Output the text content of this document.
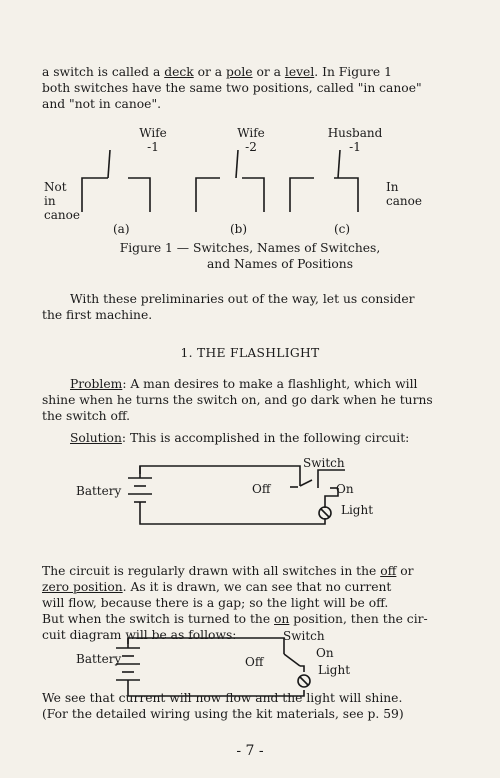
a switch is called a deck or a pole or a level. In Figure 1
both switches have the same two positions, called "in canoe"
and "not in canoe".
Wife
-1
Wife
-2
Husband
-1
Not
in
canoe
In
canoe
(a)	(b)	(c)
Figure 1 — Switches, Names of Switches,
and Names of Positions
With these preliminaries out of the way, let us consider
the first machine.
1. THE FLASHLIGHT
Problem: A man desires to make a flashlight, which will
shine when he turns the switch on, and go dark when he turns
the switch off.
Solution: This is accomplished in the following circuit:
Switch
Battery	Off	On
Light
The circuit is regularly drawn with all switches in the off or
zero position. As it is drawn, we can see that no current
will flow, because there is a gap; so the light will be off.
But when the switch is turned to the on position, then the cir-
cuit diagram will be as follows:	Switch
Battery	On
Off
Light
We see that current will now flow and the light will shine.
(For the detailed wiring using the kit materials, see p. 59)
- 7 -
